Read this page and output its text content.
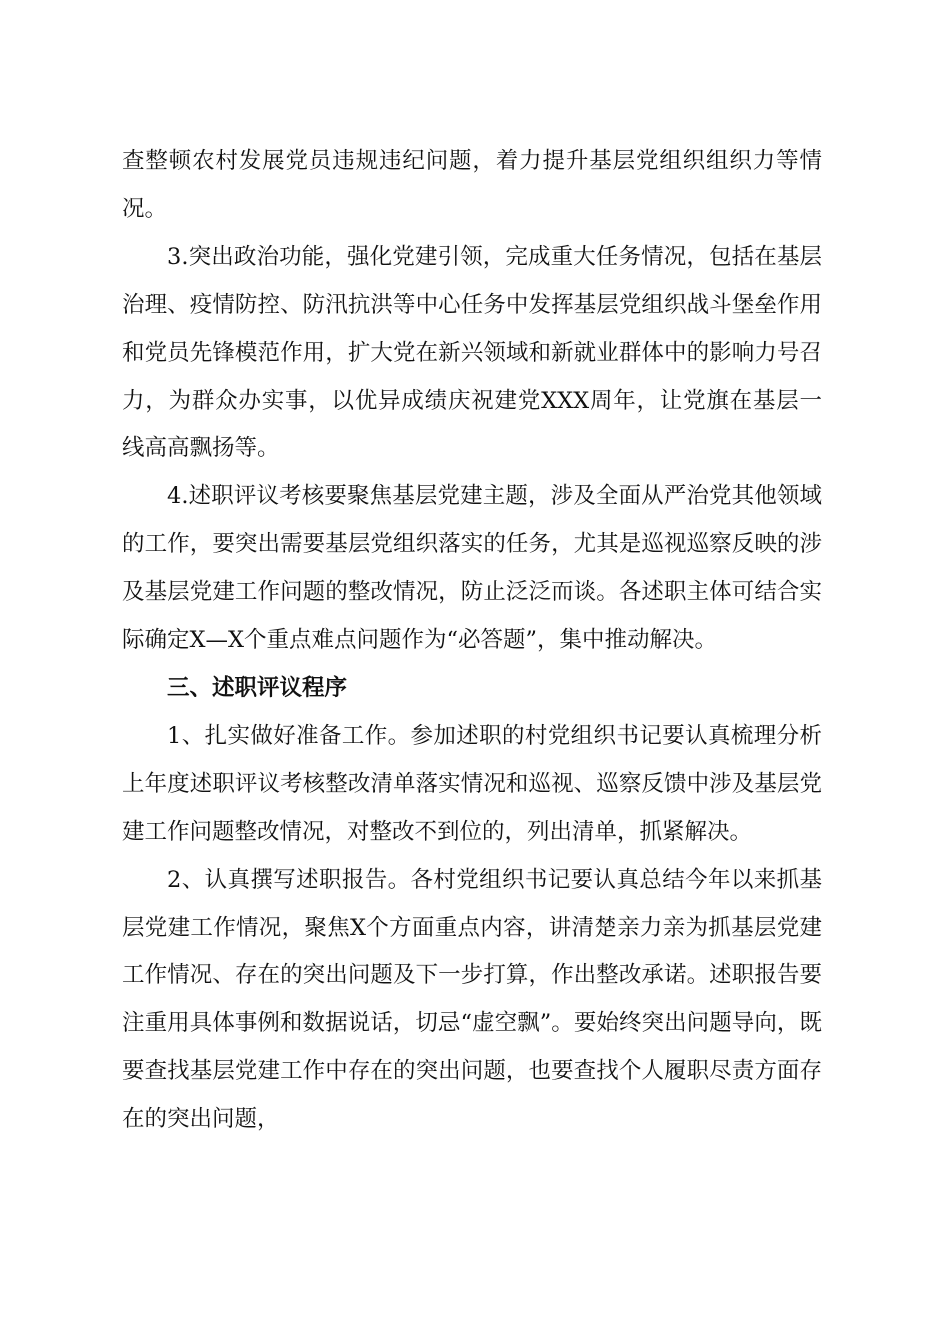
查整顿农村发展党员违规违纪问题，着力提升基层党组织组织力等情况。

3.突出政治功能，强化党建引领，完成重大任务情况，包括在基层治理、疫情防控、防汛抗洪等中心任务中发挥基层党组织战斗堡垒作用和党员先锋模范作用，扩大党在新兴领域和新就业群体中的影响力号召力，为群众办实事，以优异成绩庆祝建党XXX周年，让党旗在基层一线高高飘扬等。

4.述职评议考核要聚焦基层党建主题，涉及全面从严治党其他领域的工作，要突出需要基层党组织落实的任务，尤其是巡视巡察反映的涉及基层党建工作问题的整改情况，防止泛泛而谈。各述职主体可结合实际确定X—X个重点难点问题作为“必答题”，集中推动解决。

三、述职评议程序

1、扎实做好准备工作。参加述职的村党组织书记要认真梳理分析上年度述职评议考核整改清单落实情况和巡视、巡察反馈中涉及基层党建工作问题整改情况，对整改不到位的，列出清单，抓紧解决。

2、认真撰写述职报告。各村党组织书记要认真总结今年以来抓基层党建工作情况，聚焦X个方面重点内容，讲清楚亲力亲为抓基层党建工作情况、存在的突出问题及下一步打算，作出整改承诺。述职报告要注重用具体事例和数据说话，切忌“虚空飘”。要始终突出问题导向，既要查找基层党建工作中存在的突出问题，也要查找个人履职尽责方面存在的突出问题，
